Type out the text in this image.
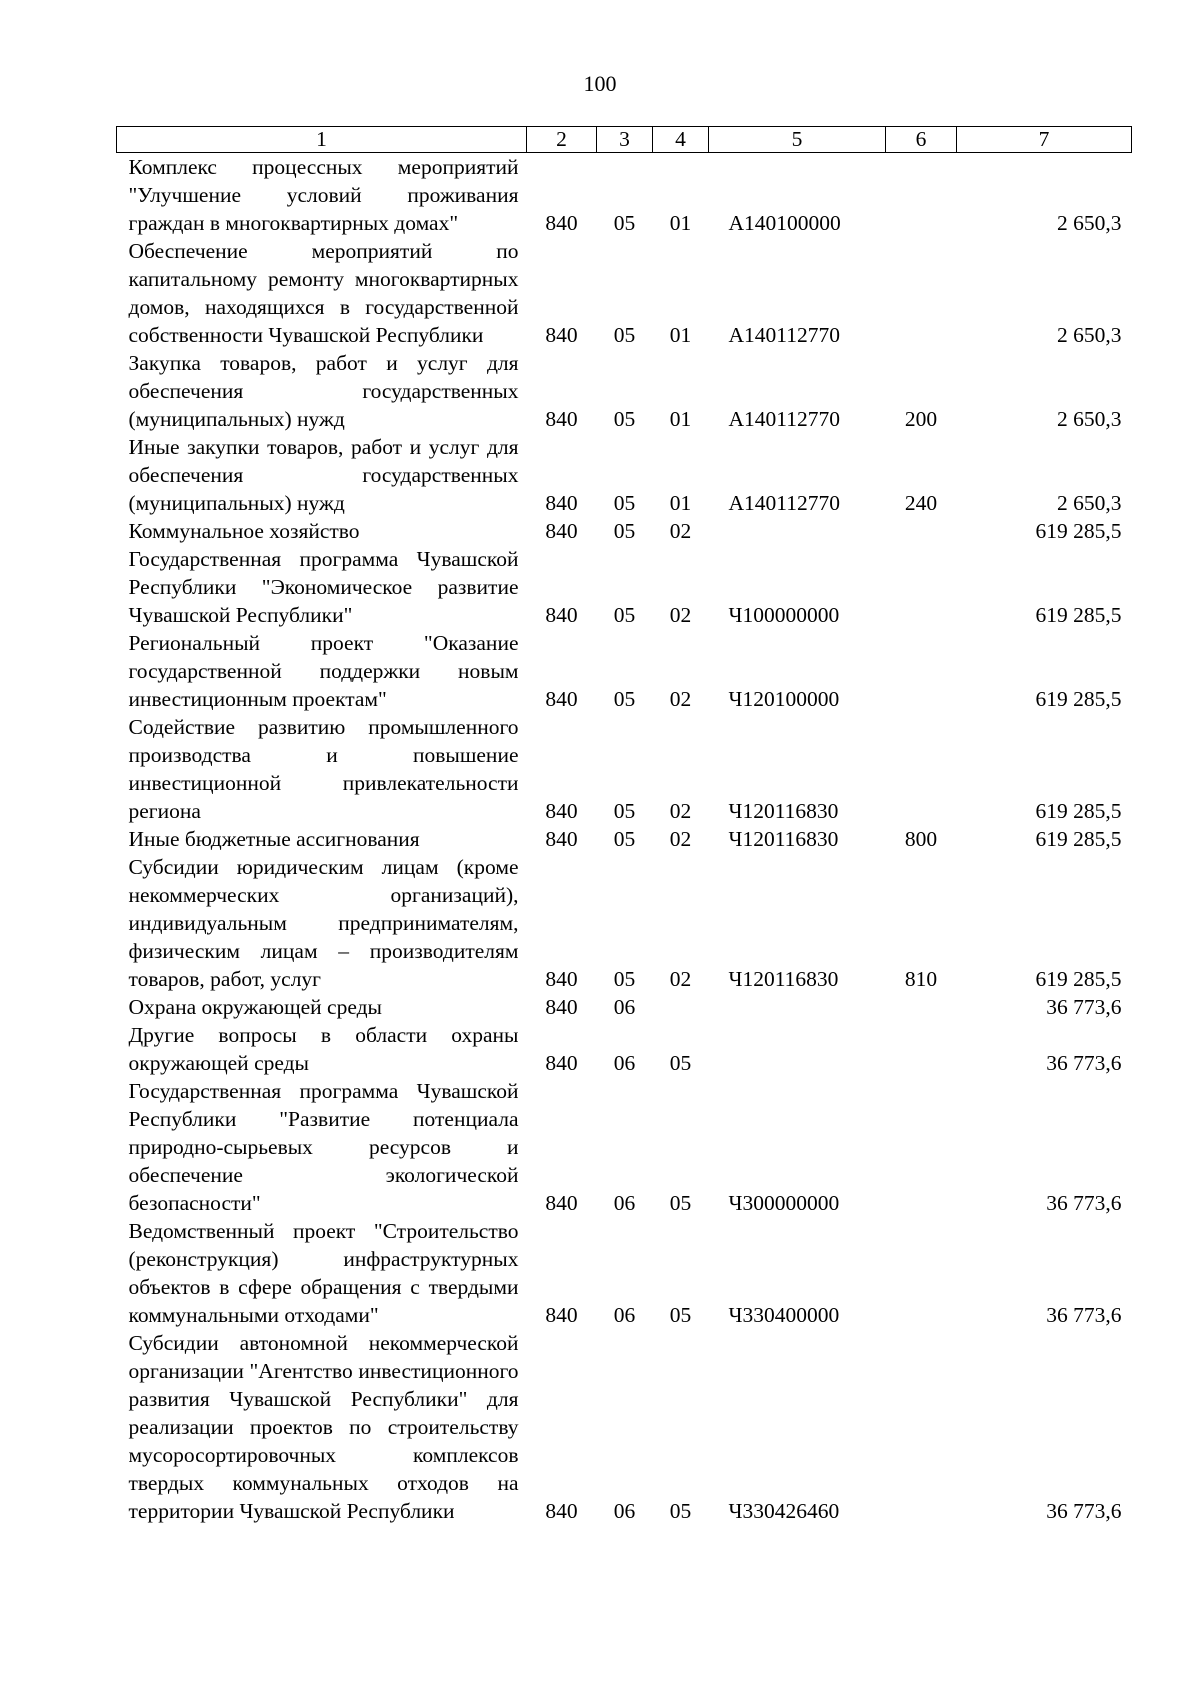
100
1	2	3	4	5	6	7
Комплекс процессных мероприятий "Улучшение условий проживания граждан в многоквартирных домах"	840	05	01	А140100000		2 650,3
Обеспечение мероприятий по капитальному ремонту многоквартирных домов, находящихся в государственной собственности Чувашской Республики	840	05	01	А140112770		2 650,3
Закупка товаров, работ и услуг для обеспечения государственных (муниципальных) нужд	840	05	01	А140112770	200	2 650,3
Иные закупки товаров, работ и услуг для обеспечения государственных (муниципальных) нужд	840	05	01	А140112770	240	2 650,3
Коммунальное хозяйство	840	05	02			619 285,5
Государственная программа Чувашской Республики "Экономическое развитие Чувашской Республики"	840	05	02	Ч100000000		619 285,5
Региональный проект "Оказание государственной поддержки новым инвестиционным проектам"	840	05	02	Ч120100000		619 285,5
Содействие развитию промышленного производства и повышение инвестиционной привлекательности региона	840	05	02	Ч120116830		619 285,5
Иные бюджетные ассигнования	840	05	02	Ч120116830	800	619 285,5
Субсидии юридическим лицам (кроме некоммерческих организаций), индивидуальным предпринимателям, физическим лицам – производителям товаров, работ, услуг	840	05	02	Ч120116830	810	619 285,5
Охрана окружающей среды	840	06				36 773,6
Другие вопросы в области охраны окружающей среды	840	06	05			36 773,6
Государственная программа Чувашской Республики "Развитие потенциала природно-сырьевых ресурсов и обеспечение экологической безопасности"	840	06	05	Ч300000000		36 773,6
Ведомственный проект "Строительство (реконструкция) инфраструктурных объектов в сфере обращения с твердыми коммунальными отходами"	840	06	05	Ч330400000		36 773,6
Субсидии автономной некоммерческой организации "Агентство инвестиционного развития Чувашской Республики" для реализации проектов по строительству мусоросортировочных комплексов твердых коммунальных отходов на территории Чувашской Республики	840	06	05	Ч330426460		36 773,6
